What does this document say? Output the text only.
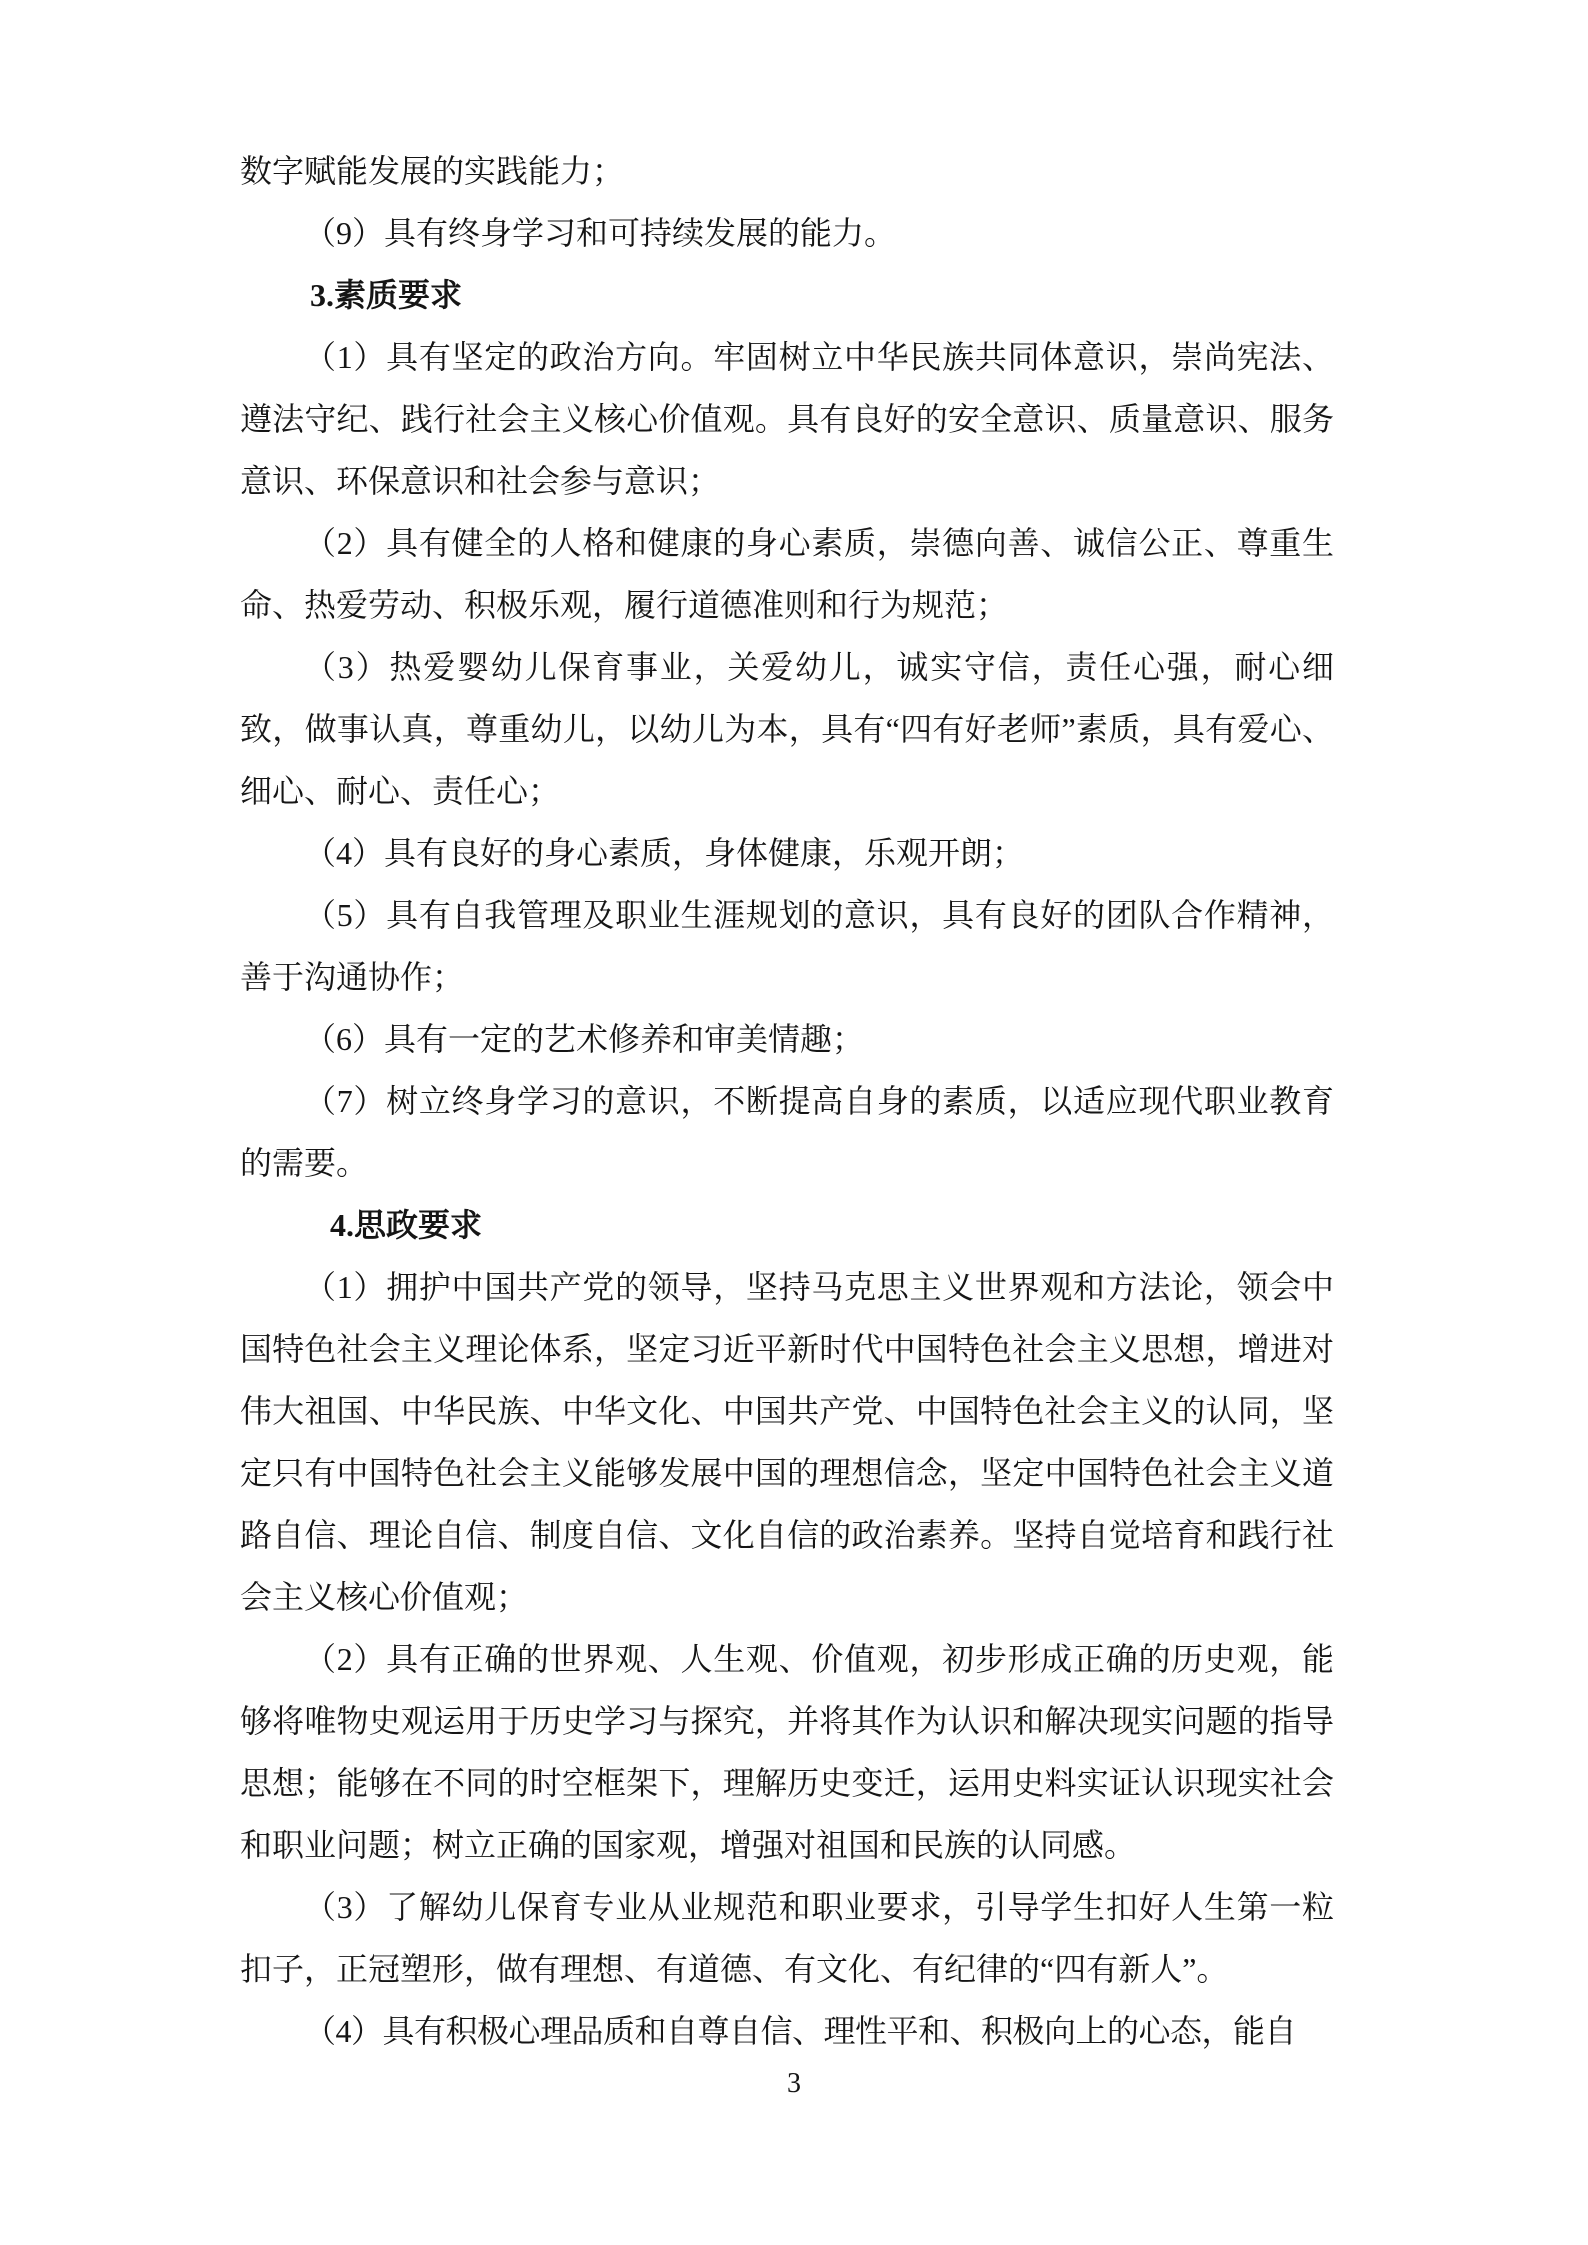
数字赋能发展的实践能力；

（9）具有终身学习和可持续发展的能力。

3.素质要求

（1）具有坚定的政治方向。牢固树立中华民族共同体意识，崇尚宪法、遵法守纪、践行社会主义核心价值观。具有良好的安全意识、质量意识、服务意识、环保意识和社会参与意识；

（2）具有健全的人格和健康的身心素质，崇德向善、诚信公正、尊重生命、热爱劳动、积极乐观，履行道德准则和行为规范；

（3）热爱婴幼儿保育事业，关爱幼儿，诚实守信，责任心强，耐心细致，做事认真，尊重幼儿，以幼儿为本，具有“四有好老师”素质，具有爱心、细心、耐心、责任心；

（4）具有良好的身心素质，身体健康，乐观开朗；

（5）具有自我管理及职业生涯规划的意识，具有良好的团队合作精神，善于沟通协作；

（6）具有一定的艺术修养和审美情趣；

（7）树立终身学习的意识，不断提高自身的素质，以适应现代职业教育的需要。

4.思政要求

（1）拥护中国共产党的领导，坚持马克思主义世界观和方法论，领会中国特色社会主义理论体系，坚定习近平新时代中国特色社会主义思想，增进对伟大祖国、中华民族、中华文化、中国共产党、中国特色社会主义的认同，坚定只有中国特色社会主义能够发展中国的理想信念，坚定中国特色社会主义道路自信、理论自信、制度自信、文化自信的政治素养。坚持自觉培育和践行社会主义核心价值观；

（2）具有正确的世界观、人生观、价值观，初步形成正确的历史观，能够将唯物史观运用于历史学习与探究，并将其作为认识和解决现实问题的指导思想；能够在不同的时空框架下，理解历史变迁，运用史料实证认识现实社会和职业问题；树立正确的国家观，增强对祖国和民族的认同感。

（3）了解幼儿保育专业从业规范和职业要求，引导学生扣好人生第一粒扣子，正冠塑形，做有理想、有道德、有文化、有纪律的“四有新人”。

（4）具有积极心理品质和自尊自信、理性平和、积极向上的心态，能自

3
